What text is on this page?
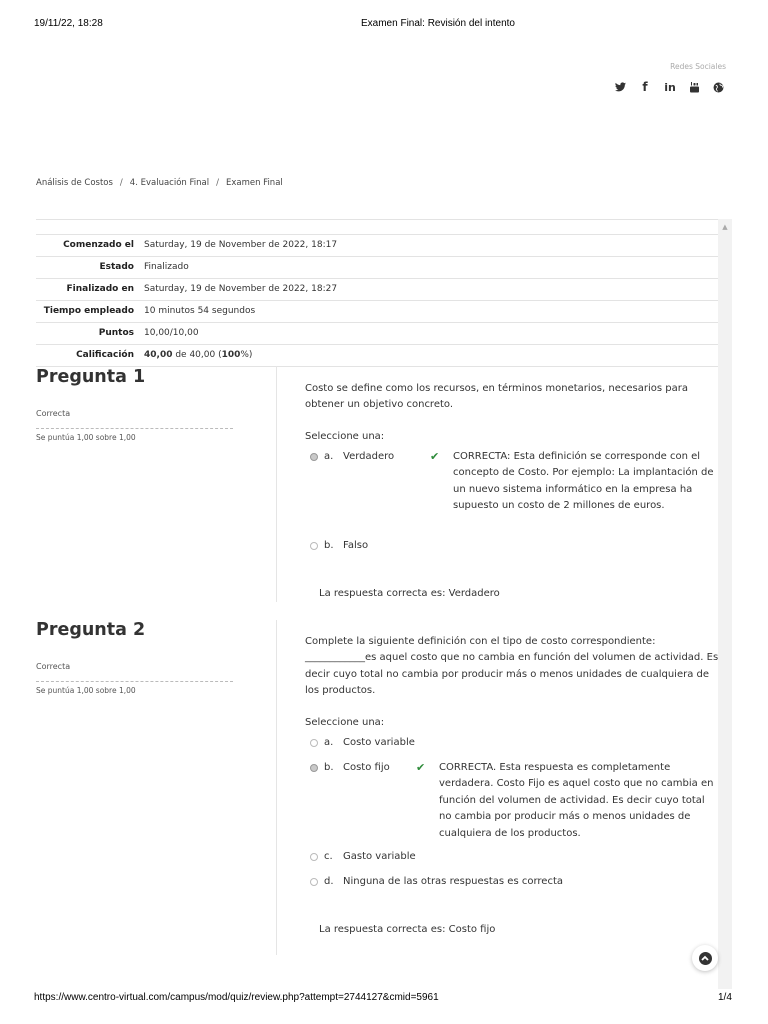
19/11/22, 18:28	Examen Final: Revisión del intento
Redes Sociales
f	in
Análisis de Costos / 4. Evaluación Final / Examen Final
▲
Comenzado el	Saturday, 19 de November de 2022, 18:17
Estado	Finalizado
Finalizado en	Saturday, 19 de November de 2022, 18:27
Tiempo empleado	10 minutos 54 segundos
Puntos	10,00/10,00
Calificación	40,00 de 40,00 (100%)
Pregunta 1
Correcta
Se puntúa 1,00 sobre 1,00
Costo se define como los recursos, en términos monetarios, necesarios para obtener un objetivo concreto.
Seleccione una:
a. Verdadero	✔	CORRECTA: Esta definición se corresponde con el concepto de Costo. Por ejemplo: La implantación de un nuevo sistema informático en la empresa ha supuesto un costo de 2 millones de euros.
b. Falso
La respuesta correcta es: Verdadero
Pregunta 2
Correcta
Se puntúa 1,00 sobre 1,00
Complete la siguiente definición con el tipo de costo correspondiente: ____________es aquel costo que no cambia en función del volumen de actividad. Es decir cuyo total no cambia por producir más o menos unidades de cualquiera de los productos.
Seleccione una:
a. Costo variable
b. Costo fijo	✔	CORRECTA. Esta respuesta es completamente verdadera. Costo Fijo es aquel costo que no cambia en función del volumen de actividad. Es decir cuyo total no cambia por producir más o menos unidades de cualquiera de los productos.
c.	Gasto variable
d. Ninguna de las otras respuestas es correcta
La respuesta correcta es: Costo fijo
https://www.centro-virtual.com/campus/mod/quiz/review.php?attempt=2744127&cmid=5961	1/4
